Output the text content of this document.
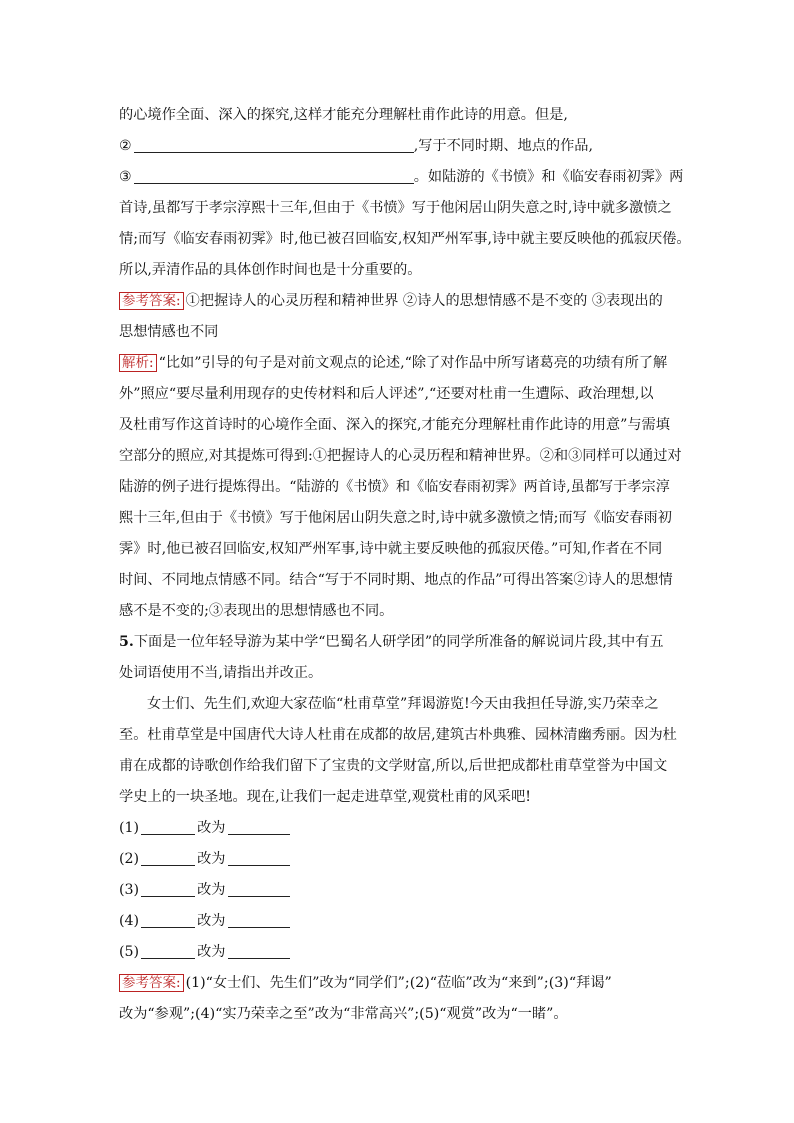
的心境作全面、深入的探究,这样才能充分理解杜甫作此诗的用意。但是,
②	,写于不同时期、地点的作品,
③	。如陆游的《书愤》和《临安春雨初霁》两
首诗,虽都写于孝宗淳熙十三年,但由于《书愤》写于他闲居山阴失意之时,诗中就多激愤之
情;而写《临安春雨初霁》时,他已被召回临安,权知严州军事,诗中就主要反映他的孤寂厌倦。
所以,弄清作品的具体创作时间也是十分重要的。
参考答案: ①把握诗人的心灵历程和精神世界 ②诗人的思想情感不是不变的 ③表现出的
思想情感也不同
解析: “比如”引导的句子是对前文观点的论述,“除了对作品中所写诸葛亮的功绩有所了解
外”照应“要尽量利用现存的史传材料和后人评述”,“还要对杜甫一生遭际、政治理想,以
及杜甫写作这首诗时的心境作全面、深入的探究,才能充分理解杜甫作此诗的用意”与需填
空部分的照应,对其提炼可得到:①把握诗人的心灵历程和精神世界。②和③同样可以通过对
陆游的例子进行提炼得出。“陆游的《书愤》和《临安春雨初霁》两首诗,虽都写于孝宗淳
熙十三年,但由于《书愤》写于他闲居山阴失意之时,诗中就多激愤之情;而写《临安春雨初
霁》时,他已被召回临安,权知严州军事,诗中就主要反映他的孤寂厌倦。”可知,作者在不同
时间、不同地点情感不同。结合“写于不同时期、地点的作品”可得出答案②诗人的思想情
感不是不变的;③表现出的思想情感也不同。
5.下面是一位年轻导游为某中学“巴蜀名人研学团”的同学所准备的解说词片段,其中有五
处词语使用不当,请指出并改正。
女士们、先生们,欢迎大家莅临“杜甫草堂”拜谒游览!今天由我担任导游,实乃荣幸之
至。杜甫草堂是中国唐代大诗人杜甫在成都的故居,建筑古朴典雅、园林清幽秀丽。因为杜
甫在成都的诗歌创作给我们留下了宝贵的文学财富,所以,后世把成都杜甫草堂誉为中国文
学史上的一块圣地。现在,让我们一起走进草堂,观赏杜甫的风采吧!
(1)	改为
(2)	改为
(3)	改为
(4)	改为
(5)	改为
参考答案: (1)“女士们、先生们”改为“同学们”;(2)“莅临”改为“来到”;(3)“拜谒”
改为“参观”;(4)“实乃荣幸之至”改为“非常高兴”;(5)“观赏”改为“一睹”。
